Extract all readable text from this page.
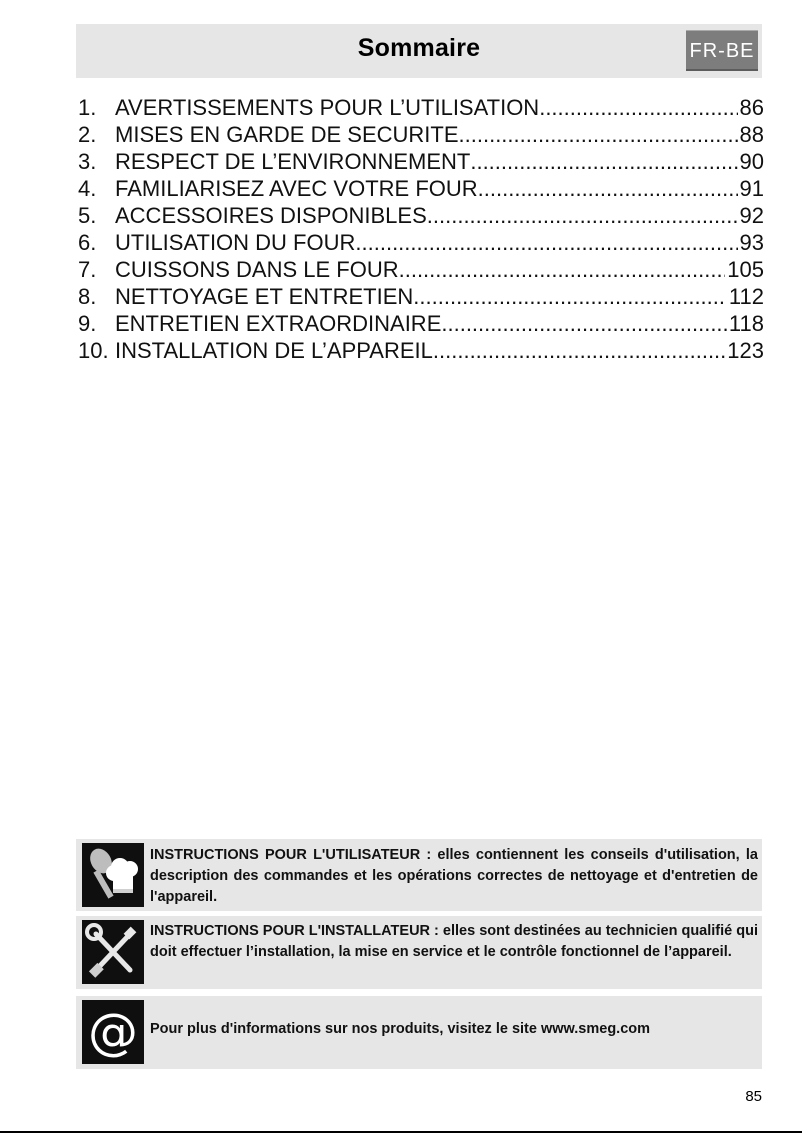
Sommaire	FR-BE
1. AVERTISSEMENTS POUR L’UTILISATION .....	86
2. MISES EN GARDE DE SECURITE .....	88
3. RESPECT DE L’ENVIRONNEMENT .....	90
4. FAMILIARISEZ AVEC VOTRE FOUR .....	91
5. ACCESSOIRES DISPONIBLES .....	92
6. UTILISATION DU FOUR .....	93
7. CUISSONS DANS LE FOUR .....	105
8. NETTOYAGE ET ENTRETIEN .....	112
9. ENTRETIEN EXTRAORDINAIRE .....	118
10. INSTALLATION DE L’APPAREIL .....	123
INSTRUCTIONS POUR L'UTILISATEUR : elles contiennent les conseils d'utilisation, la description des commandes et les opérations correctes de nettoyage et d'entretien de l'appareil.
INSTRUCTIONS POUR L'INSTALLATEUR : elles sont destinées au technicien qualifié qui doit effectuer l’installation, la mise en service et le contrôle fonctionnel de l’appareil.
@ Pour plus d'informations sur nos produits, visitez le site www.smeg.com
85
